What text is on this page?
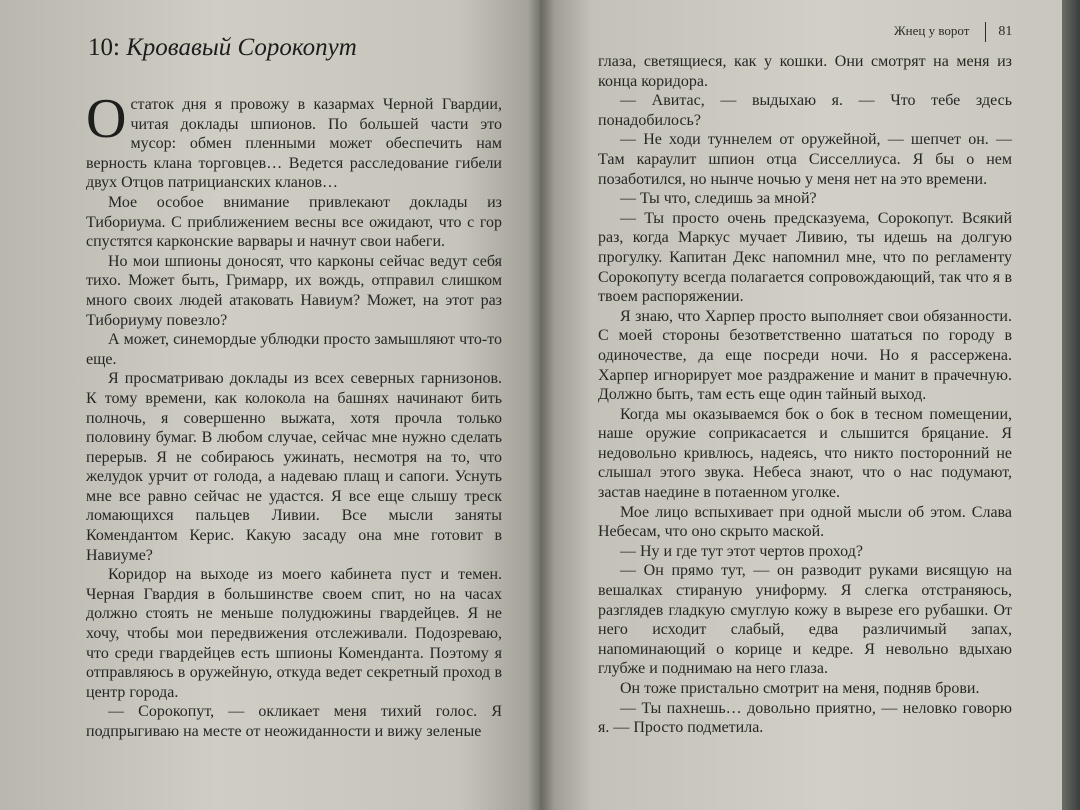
10: Кровавый Сорокопут

Остаток дня я провожу в казармах Черной Гвардии, читая доклады шпионов. По большей части это мусор: обмен пленными может обеспечить нам верность клана торговцев… Ведется расследование гибели двух Отцов патрицианских кланов…

Мое особое внимание привлекают доклады из Тибориума. С приближением весны все ожидают, что с гор спустятся карконские варвары и начнут свои набеги.

Но мои шпионы доносят, что карконы сейчас ведут себя тихо. Может быть, Гримарр, их вождь, отправил слишком много своих людей атаковать Навиум? Может, на этот раз Тибориуму повезло?

А может, синемордые ублюдки просто замышляют что-то еще.

Я просматриваю доклады из всех северных гарнизонов. К тому времени, как колокола на башнях начинают бить полночь, я совершенно выжата, хотя прочла только половину бумаг. В любом случае, сейчас мне нужно сделать перерыв. Я не собираюсь ужинать, несмотря на то, что желудок урчит от голода, а надеваю плащ и сапоги. Уснуть мне все равно сейчас не удастся. Я все еще слышу треск ломающихся пальцев Ливии. Все мысли заняты Комендантом Керис. Какую засаду она мне готовит в Навиуме?

Коридор на выходе из моего кабинета пуст и темен. Черная Гвардия в большинстве своем спит, но на часах должно стоять не меньше полудюжины гвардейцев. Я не хочу, чтобы мои передвижения отслеживали. Подозреваю, что среди гвардейцев есть шпионы Коменданта. Поэтому я отправляюсь в оружейную, откуда ведет секретный проход в центр города.

— Сорокопут, — окликает меня тихий голос. Я подпрыгиваю на месте от неожиданности и вижу зеленые

Жнец у ворот 81

глаза, светящиеся, как у кошки. Они смотрят на меня из конца коридора.

— Авитас, — выдыхаю я. — Что тебе здесь понадобилось?

— Не ходи туннелем от оружейной, — шепчет он. — Там караулит шпион отца Сисселлиуса. Я бы о нем позаботился, но нынче ночью у меня нет на это времени.

— Ты что, следишь за мной?

— Ты просто очень предсказуема, Сорокопут. Всякий раз, когда Маркус мучает Ливию, ты идешь на долгую прогулку. Капитан Декс напомнил мне, что по регламенту Сорокопуту всегда полагается сопровождающий, так что я в твоем распоряжении.

Я знаю, что Харпер просто выполняет свои обязанности. С моей стороны безответственно шататься по городу в одиночестве, да еще посреди ночи. Но я рассержена. Харпер игнорирует мое раздражение и манит в прачечную. Должно быть, там есть еще один тайный выход.

Когда мы оказываемся бок о бок в тесном помещении, наше оружие соприкасается и слышится бряцание. Я недовольно кривлюсь, надеясь, что никто посторонний не слышал этого звука. Небеса знают, что о нас подумают, застав наедине в потаенном уголке.

Мое лицо вспыхивает при одной мысли об этом. Слава Небесам, что оно скрыто маской.

— Ну и где тут этот чертов проход?

— Он прямо тут, — он разводит руками висящую на вешалках стираную униформу. Я слегка отстраняюсь, разглядев гладкую смуглую кожу в вырезе его рубашки. От него исходит слабый, едва различимый запах, напоминающий о корице и кедре. Я невольно вдыхаю глубже и поднимаю на него глаза.

Он тоже пристально смотрит на меня, подняв брови.

— Ты пахнешь… довольно приятно, — неловко говорю я. — Просто подметила.
